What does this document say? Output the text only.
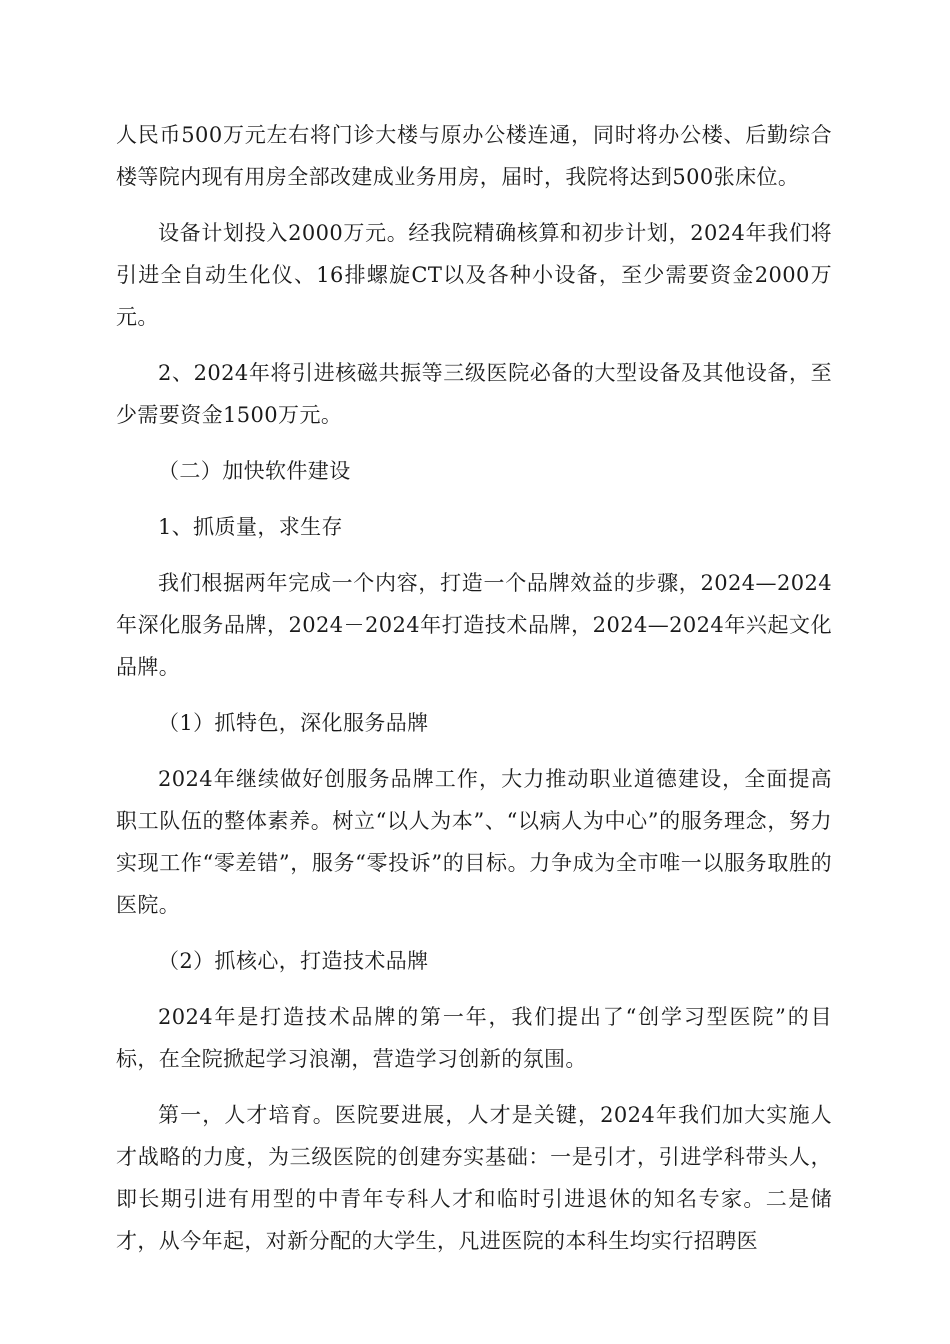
人民币500万元左右将门诊大楼与原办公楼连通，同时将办公楼、后勤综合楼等院内现有用房全部改建成业务用房，届时，我院将达到500张床位。

设备计划投入2000万元。经我院精确核算和初步计划，2024年我们将引进全自动生化仪、16排螺旋CT以及各种小设备，至少需要资金2000万元。

2、2024年将引进核磁共振等三级医院必备的大型设备及其他设备，至少需要资金1500万元。

（二）加快软件建设

1、抓质量，求生存

我们根据两年完成一个内容，打造一个品牌效益的步骤，2024—2024年深化服务品牌，2024－2024年打造技术品牌，2024—2024年兴起文化品牌。

（1）抓特色，深化服务品牌

2024年继续做好创服务品牌工作，大力推动职业道德建设，全面提高职工队伍的整体素养。树立“以人为本”、“以病人为中心”的服务理念，努力实现工作“零差错”，服务“零投诉”的目标。力争成为全市唯一以服务取胜的医院。

（2）抓核心，打造技术品牌

2024年是打造技术品牌的第一年，我们提出了“创学习型医院”的目标，在全院掀起学习浪潮，营造学习创新的氛围。

第一，人才培育。医院要进展，人才是关键，2024年我们加大实施人才战略的力度，为三级医院的创建夯实基础：一是引才，引进学科带头人，即长期引进有用型的中青年专科人才和临时引进退休的知名专家。二是储才，从今年起，对新分配的大学生，凡进医院的本科生均实行招聘医
